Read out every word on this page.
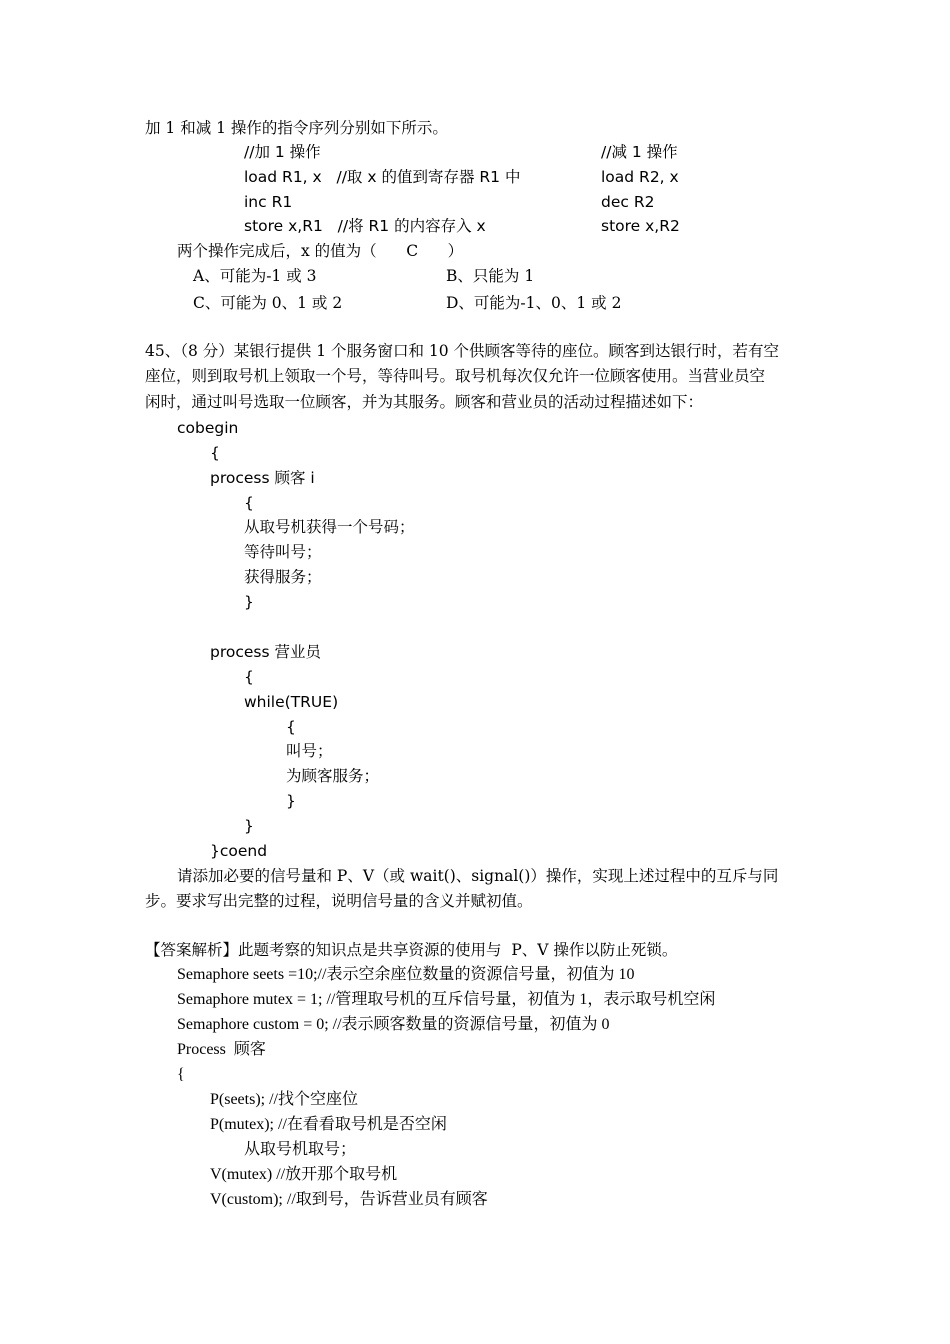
加 1 和减 1 操作的指令序列分别如下所示。
//加 1 操作
load R1, x   //取 x 的值到寄存器 R1 中
inc R1
store x,R1   //将 R1 的内容存入 x
//减 1 操作
load R2, x
dec R2
store x,R2
两个操作完成后，x 的值为（      C      ）
A、可能为-1 或 3	B、只能为 1
C、可能为 0、1 或 2	D、可能为-1、0、1 或 2
45、（8 分）某银行提供 1 个服务窗口和 10 个供顾客等待的座位。顾客到达银行时，若有空
座位，则到取号机上领取一个号，等待叫号。取号机每次仅允许一位顾客使用。当营业员空
闲时，通过叫号选取一位顾客，并为其服务。顾客和营业员的活动过程描述如下：
cobegin
{
process 顾客 i
{
从取号机获得一个号码；
等待叫号；
获得服务；
}
process 营业员
{
while(TRUE)
{
叫号；
为顾客服务；
}
}
}coend
请添加必要的信号量和 P、V（或 wait()、signal()）操作，实现上述过程中的互斥与同
步。要求写出完整的过程，说明信号量的含义并赋初值。
【答案解析】此题考察的知识点是共享资源的使用与  P、V 操作以防止死锁。
Semaphore seets =10;//表示空余座位数量的资源信号量，初值为 10
Semaphore mutex = 1; //管理取号机的互斥信号量，初值为 1，表示取号机空闲
Semaphore custom = 0; //表示顾客数量的资源信号量，初值为 0
Process  顾客
{
P(seets); //找个空座位
P(mutex); //在看看取号机是否空闲
从取号机取号；
V(mutex) //放开那个取号机
V(custom); //取到号，告诉营业员有顾客
